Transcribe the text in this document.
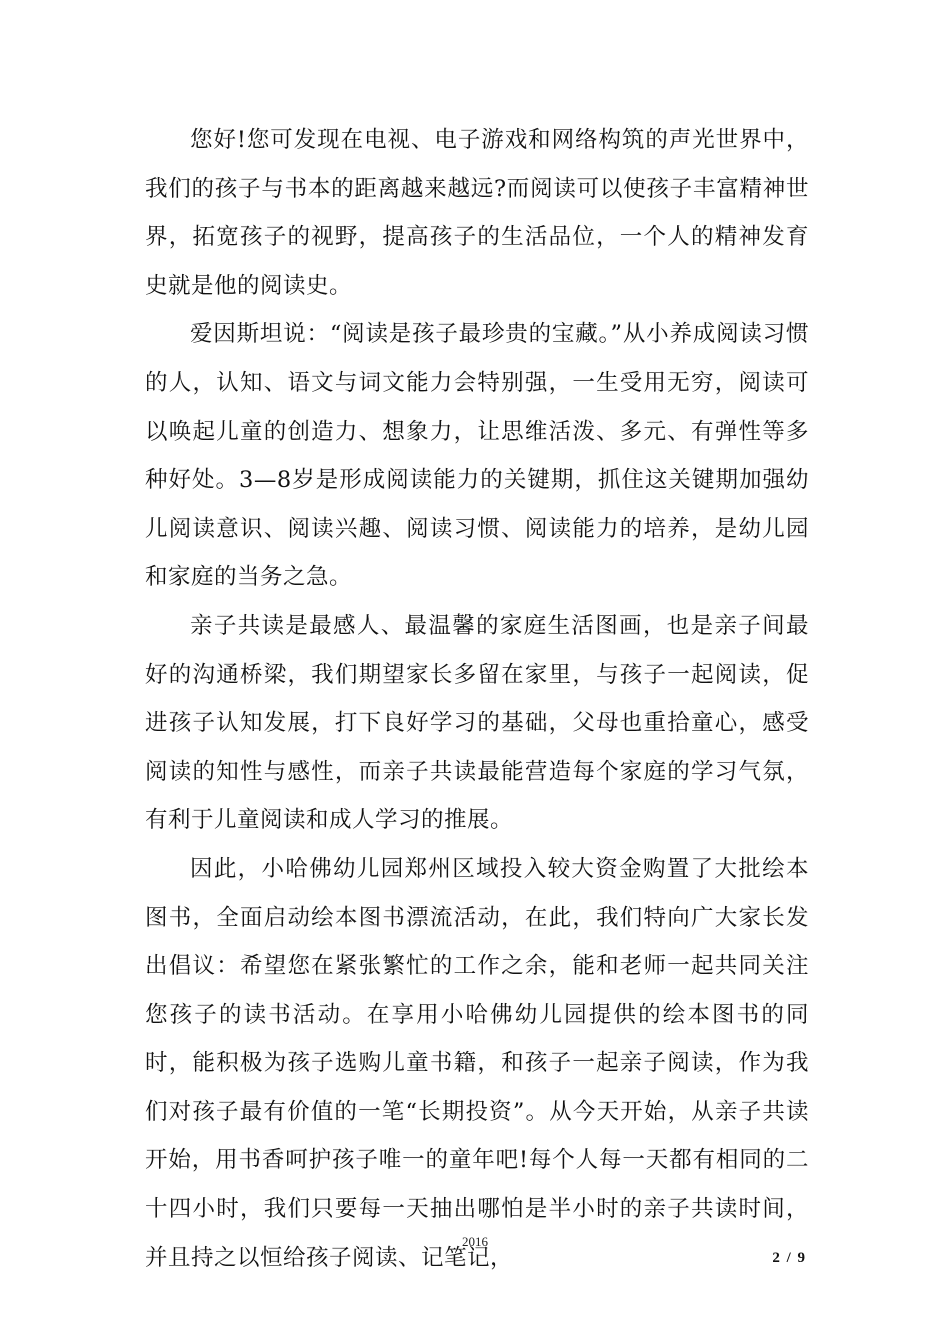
您好!您可发现在电视、电子游戏和网络构筑的声光世界中，我们的孩子与书本的距离越来越远?而阅读可以使孩子丰富精神世界，拓宽孩子的视野，提高孩子的生活品位，一个人的精神发育史就是他的阅读史。

爱因斯坦说：“阅读是孩子最珍贵的宝藏。”从小养成阅读习惯的人，认知、语文与词文能力会特别强，一生受用无穷，阅读可以唤起儿童的创造力、想象力，让思维活泼、多元、有弹性等多种好处。3—8岁是形成阅读能力的关键期，抓住这关键期加强幼儿阅读意识、阅读兴趣、阅读习惯、阅读能力的培养，是幼儿园和家庭的当务之急。

亲子共读是最感人、最温馨的家庭生活图画，也是亲子间最好的沟通桥梁，我们期望家长多留在家里，与孩子一起阅读，促进孩子认知发展，打下良好学习的基础，父母也重拾童心，感受阅读的知性与感性，而亲子共读最能营造每个家庭的学习气氛，有利于儿童阅读和成人学习的推展。

因此，小哈佛幼儿园郑州区域投入较大资金购置了大批绘本图书，全面启动绘本图书漂流活动，在此，我们特向广大家长发出倡议：希望您在紧张繁忙的工作之余，能和老师一起共同关注您孩子的读书活动。在享用小哈佛幼儿园提供的绘本图书的同时，能积极为孩子选购儿童书籍，和孩子一起亲子阅读，作为我们对孩子最有价值的一笔“长期投资”。从今天开始，从亲子共读开始，用书香呵护孩子唯一的童年吧!每个人每一天都有相同的二十四小时，我们只要每一天抽出哪怕是半小时的亲子共读时间，并且持之以恒给孩子阅读、记笔记，

2016
2 / 9
